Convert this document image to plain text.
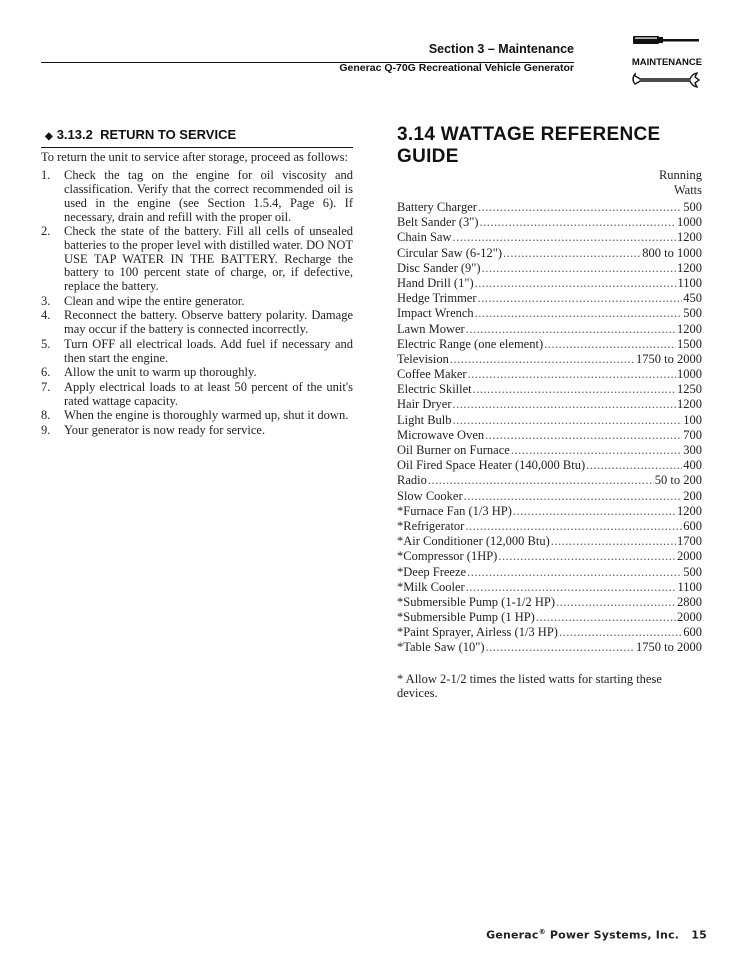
Section 3 – Maintenance
Generac Q-70G Recreational Vehicle Generator	MAINTENANCE
◆ 3.13.2 RETURN TO SERVICE

To return the unit to service after storage, proceed as follows:

1.	Check the tag on the engine for oil viscosity and classification. Verify that the correct recommended oil is used in the engine (see Section 1.5.4, Page 6). If necessary, drain and refill with the proper oil.
2.	Check the state of the battery. Fill all cells of unsealed batteries to the proper level with distilled water. DO NOT USE TAP WATER IN THE BATTERY. Recharge the battery to 100 percent state of charge, or, if defective, replace the battery.
3.	Clean and wipe the entire generator.
4.	Reconnect the battery. Observe battery polarity. Damage may occur if the battery is connected incorrectly.
5.	Turn OFF all electrical loads. Add fuel if necessary and then start the engine.
6.	Allow the unit to warm up thoroughly.
7.	Apply electrical loads to at least 50 percent of the unit's rated wattage capacity.
8.	When the engine is thoroughly warmed up, shut it down.
9.	Your generator is now ready for service.
3.14 WATTAGE REFERENCE GUIDE
Running
Watts
Battery Charger .....	500
Belt Sander (3") .....	1000
Chain Saw .....	1200
Circular Saw (6-12") .....	800 to 1000
Disc Sander (9") .....	1200
Hand Drill (1") .....	1100
Hedge Trimmer .....	450
Impact Wrench .....	500
Lawn Mower .....	1200
Electric Range (one element) .....	1500
Television .....	1750 to 2000
Coffee Maker .....	1000
Electric Skillet .....	1250
Hair Dryer .....	1200
Light Bulb .....	100
Microwave Oven .....	700
Oil Burner on Furnace .....	300
Oil Fired Space Heater (140,000 Btu) .....	400
Radio .....	50 to 200
Slow Cooker .....	200
*Furnace Fan (1/3 HP) .....	1200
*Refrigerator .....	600
*Air Conditioner (12,000 Btu) .....	1700
*Compressor (1HP) .....	2000
*Deep Freeze .....	500
*Milk Cooler .....	1100
*Submersible Pump (1-1/2 HP) .....	2800
*Submersible Pump (1 HP) .....	2000
*Paint Sprayer, Airless (1/3 HP) .....	600
*Table Saw (10") .....	1750 to 2000
* Allow 2-1/2 times the listed watts for starting these devices.
Generac® Power Systems, Inc. 15
